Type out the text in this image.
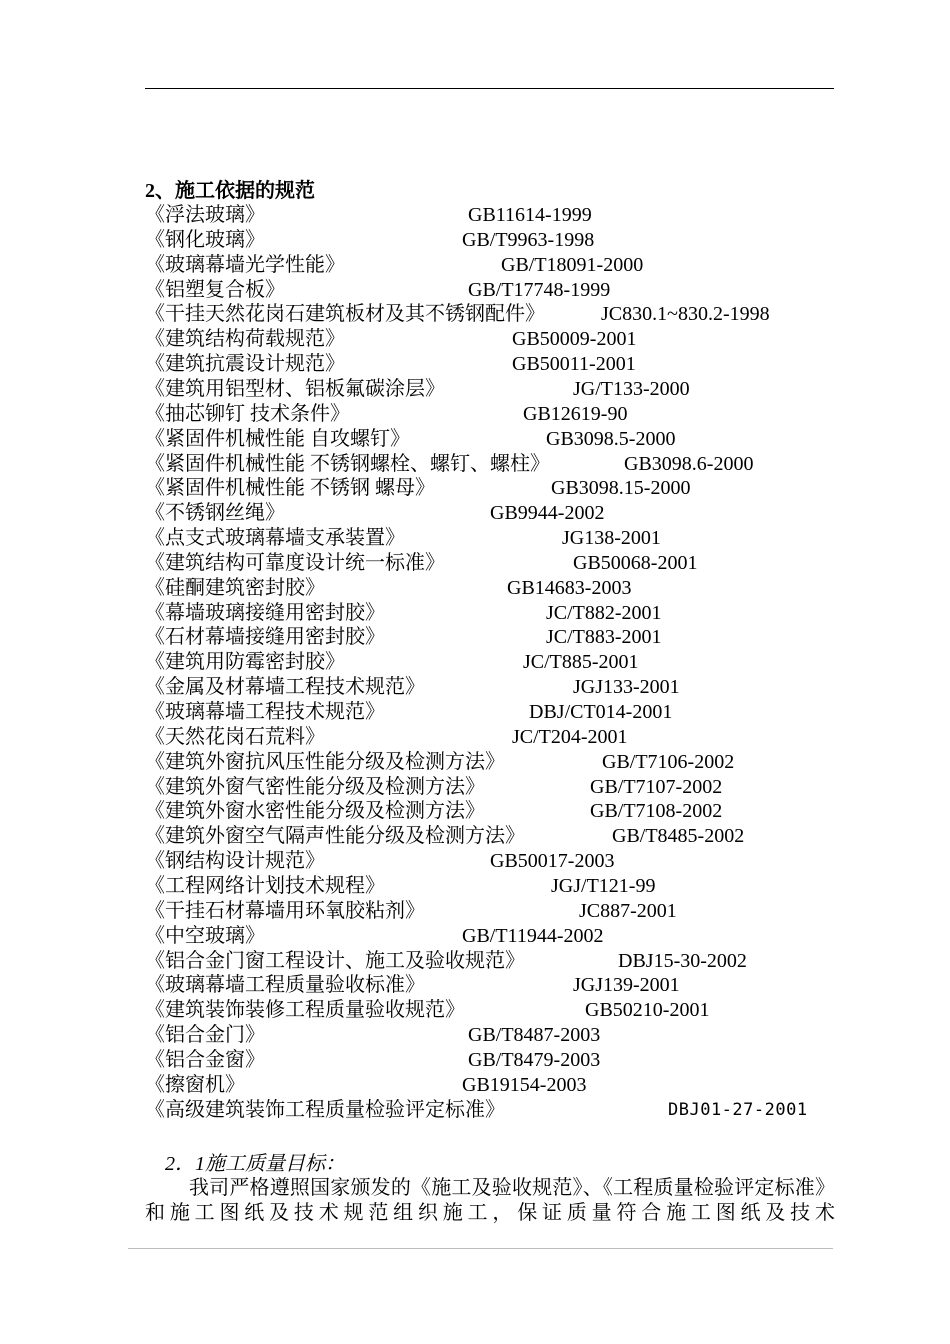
2、施工依据的规范
《浮法玻璃》	GB11614-1999
《钢化玻璃》	GB/T9963-1998
《玻璃幕墙光学性能》	GB/T18091-2000
《铝塑复合板》	GB/T17748-1999
《干挂天然花岗石建筑板材及其不锈钢配件》	JC830.1~830.2-1998
《建筑结构荷载规范》	GB50009-2001
《建筑抗震设计规范》	GB50011-2001
《建筑用铝型材、铝板氟碳涂层》	JG/T133-2000
《抽芯铆钉 技术条件》	GB12619-90
《紧固件机械性能 自攻螺钉》	GB3098.5-2000
《紧固件机械性能 不锈钢螺栓、螺钉、螺柱》	GB3098.6-2000
《紧固件机械性能 不锈钢 螺母》	GB3098.15-2000
《不锈钢丝绳》	GB9944-2002
《点支式玻璃幕墙支承装置》	JG138-2001
《建筑结构可靠度设计统一标准》	GB50068-2001
《硅酮建筑密封胶》	GB14683-2003
《幕墙玻璃接缝用密封胶》	JC/T882-2001
《石材幕墙接缝用密封胶》	JC/T883-2001
《建筑用防霉密封胶》	JC/T885-2001
《金属及材幕墙工程技术规范》	JGJ133-2001
《玻璃幕墙工程技术规范》	DBJ/CT014-2001
《天然花岗石荒料》	JC/T204-2001
《建筑外窗抗风压性能分级及检测方法》	GB/T7106-2002
《建筑外窗气密性能分级及检测方法》	GB/T7107-2002
《建筑外窗水密性能分级及检测方法》	GB/T7108-2002
《建筑外窗空气隔声性能分级及检测方法》	GB/T8485-2002
《钢结构设计规范》	GB50017-2003
《工程网络计划技术规程》	JGJ/T121-99
《干挂石材幕墙用环氧胶粘剂》	JC887-2001
《中空玻璃》	GB/T11944-2002
《铝合金门窗工程设计、施工及验收规范》	DBJ15-30-2002
《玻璃幕墙工程质量验收标准》	JGJ139-2001
《建筑装饰装修工程质量验收规范》	GB50210-2001
《铝合金门》	GB/T8487-2003
《铝合金窗》	GB/T8479-2003
《擦窗机》	GB19154-2003
《高级建筑装饰工程质量检验评定标准》	DBJ01-27-2001
2．1施工质量目标：
我司严格遵照国家颁发的《施工及验收规范》、《工程质量检验评定标准》和施工图纸及技术规范组织施工，保证质量符合施工图纸及技术
